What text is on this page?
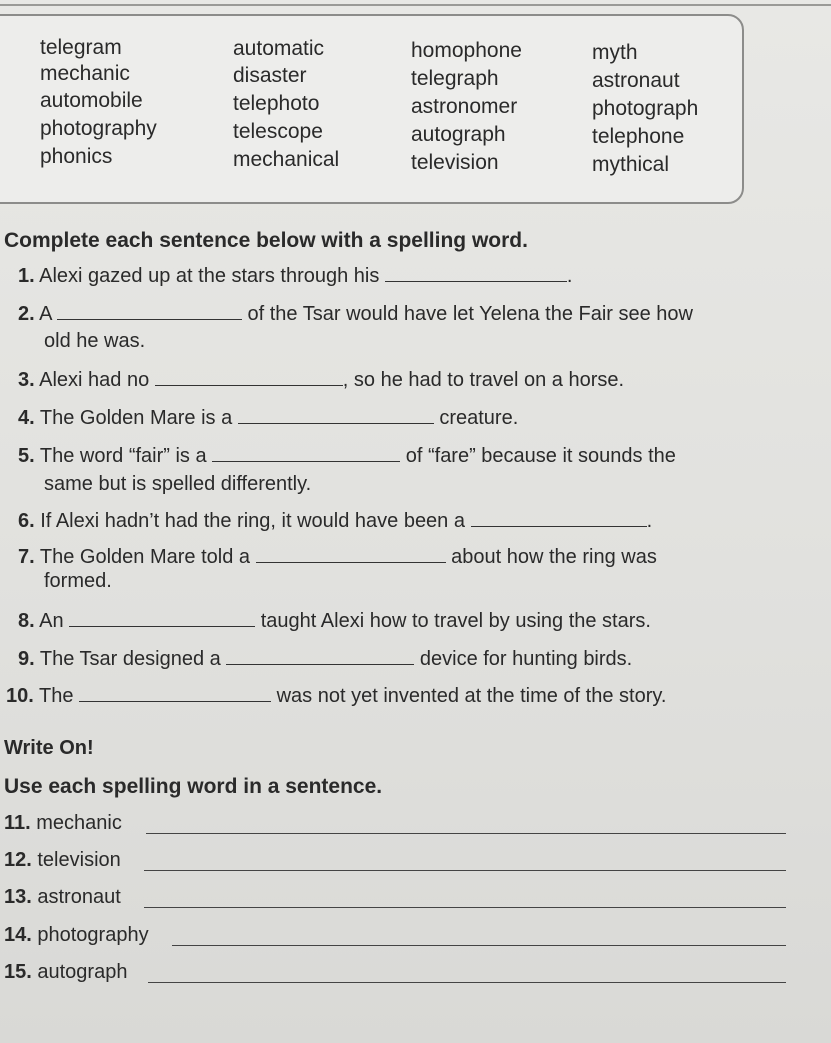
telegram	automatic	homophone	myth
mechanic	disaster	telegraph	astronaut
automobile	telephoto	astronomer	photograph
photography	telescope	autograph	telephone
phonics	mechanical	television	mythical
Complete each sentence below with a spelling word.
1. Alexi gazed up at the stars through his	.
2. A	of the Tsar would have let Yelena the Fair see how
old he was.
3. Alexi had no	, so he had to travel on a horse.
4. The Golden Mare is a	creature.
5. The word “fair” is a	of “fare” because it sounds the
same but is spelled differently.
6. If Alexi hadn’t had the ring, it would have been a	.
7. The Golden Mare told a	about how the ring was
formed.
8. An	taught Alexi how to travel by using the stars.
9. The Tsar designed a	device for hunting birds.
10. The	was not yet invented at the time of the story.
Write On!
Use each spelling word in a sentence.
11. mechanic
12. television
13. astronaut
14. photography
15. autograph
